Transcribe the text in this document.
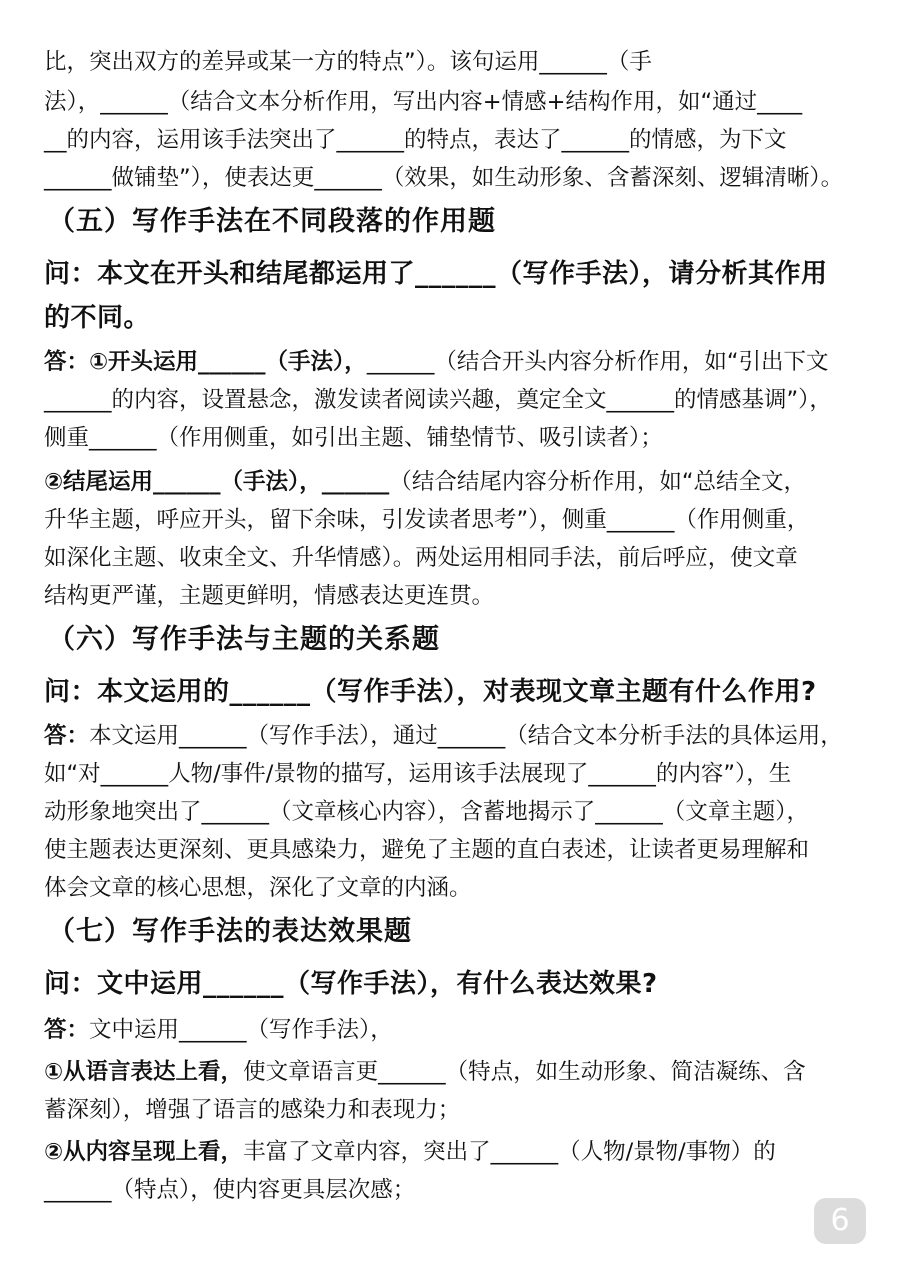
比，突出双方的差异或某一方的特点”）。该句运用______（手
法），______（结合文本分析作用，写出内容+情感+结构作用，如“通过____
__的内容，运用该手法突出了______的特点，表达了______的情感，为下文
______做铺垫”），使表达更______（效果，如生动形象、含蓄深刻、逻辑清晰）。
（五）写作手法在不同段落的作用题
问：本文在开头和结尾都运用了______（写作手法），请分析其作用
的不同。
答：①开头运用______（手法），______（结合开头内容分析作用，如“引出下文
______的内容，设置悬念，激发读者阅读兴趣，奠定全文______的情感基调”），
侧重______（作用侧重，如引出主题、铺垫情节、吸引读者）；
②结尾运用______（手法），______（结合结尾内容分析作用，如“总结全文，
升华主题，呼应开头，留下余味，引发读者思考”），侧重______（作用侧重，
如深化主题、收束全文、升华情感）。两处运用相同手法，前后呼应，使文章
结构更严谨，主题更鲜明，情感表达更连贯。
（六）写作手法与主题的关系题
问：本文运用的______（写作手法），对表现文章主题有什么作用?
答：本文运用______（写作手法），通过______（结合文本分析手法的具体运用，
如“对______人物/事件/景物的描写，运用该手法展现了______的内容”），生
动形象地突出了______（文章核心内容），含蓄地揭示了______（文章主题），
使主题表达更深刻、更具感染力，避免了主题的直白表述，让读者更易理解和
体会文章的核心思想，深化了文章的内涵。
（七）写作手法的表达效果题
问：文中运用______（写作手法），有什么表达效果?
答：文中运用______（写作手法），
①从语言表达上看，使文章语言更______（特点，如生动形象、简洁凝练、含
蓄深刻），增强了语言的感染力和表现力；
②从内容呈现上看，丰富了文章内容，突出了______（人物/景物/事物）的
______（特点），使内容更具层次感；
6
